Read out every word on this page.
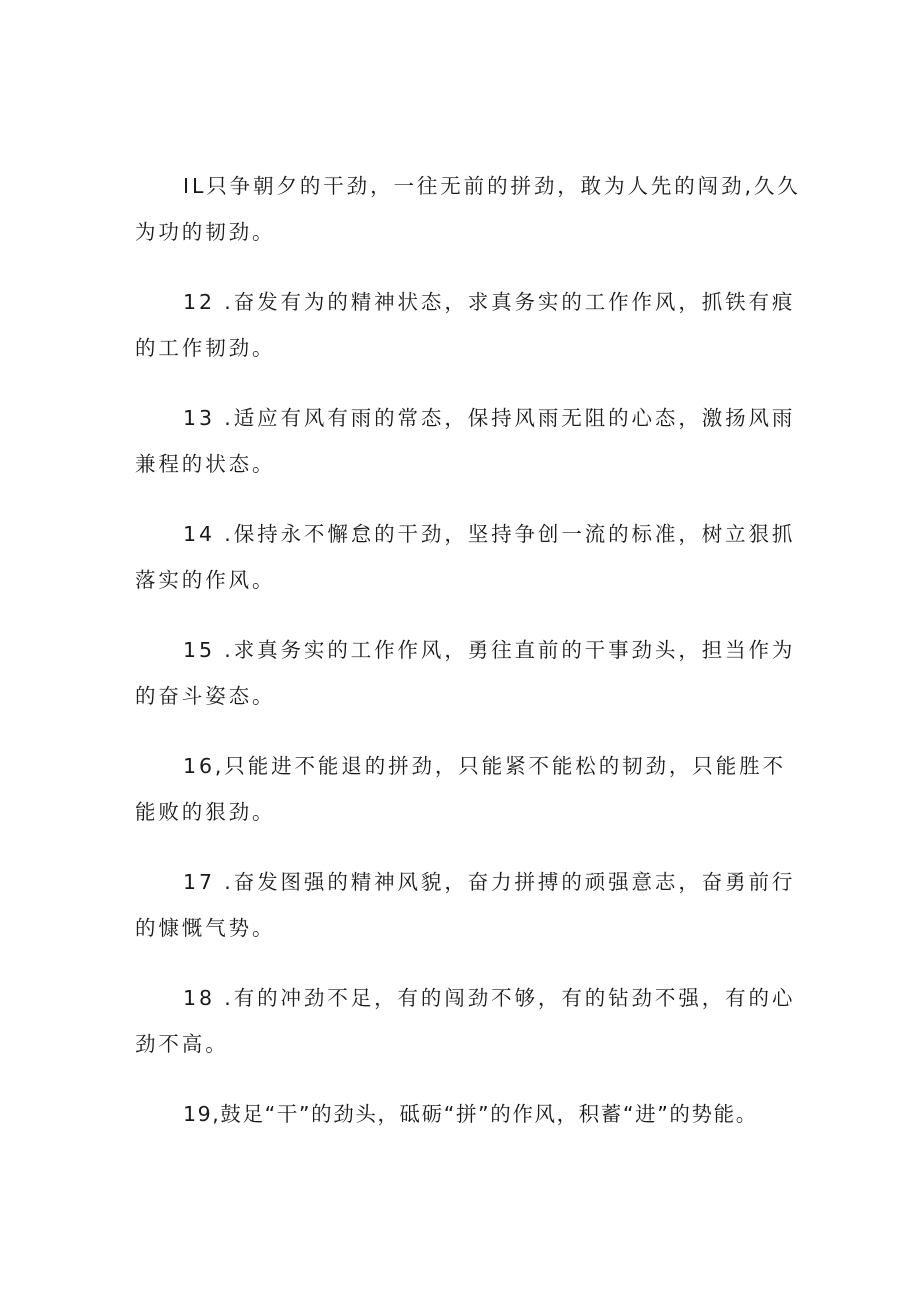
IL只争朝夕的干劲，一往无前的拼劲，敢为人先的闯劲,久久为功的韧劲。

12 .奋发有为的精神状态，求真务实的工作作风，抓铁有痕的工作韧劲。

13 .适应有风有雨的常态，保持风雨无阻的心态，激扬风雨兼程的状态。

14 .保持永不懈怠的干劲，坚持争创一流的标准，树立狠抓落实的作风。

15 .求真务实的工作作风，勇往直前的干事劲头，担当作为的奋斗姿态。

16,只能进不能退的拼劲，只能紧不能松的韧劲，只能胜不能败的狠劲。

17 .奋发图强的精神风貌，奋力拼搏的顽强意志，奋勇前行的慷慨气势。

18 .有的冲劲不足，有的闯劲不够，有的钻劲不强，有的心劲不高。

19,鼓足“干”的劲头，砥砺“拼”的作风，积蓄“进”的势能。
